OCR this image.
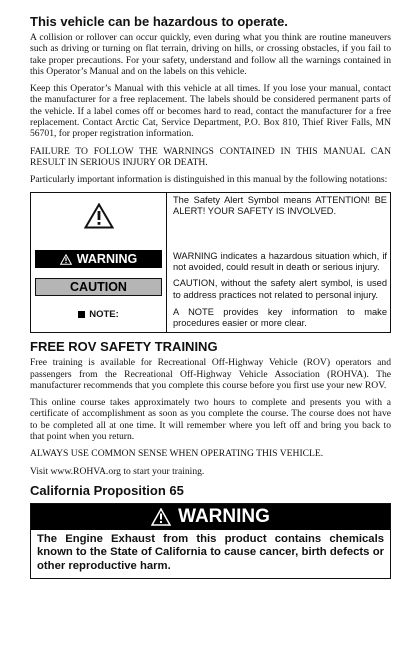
This vehicle can be hazardous to operate.

A collision or rollover can occur quickly, even during what you think are routine maneuvers such as driving or turning on flat terrain, driving on hills, or crossing obstacles, if you fail to take proper precautions. For your safety, understand and follow all the warnings contained in this Operator’s Manual and on the labels on this vehicle.

Keep this Operator’s Manual with this vehicle at all times. If you lose your manual, contact the manufacturer for a free replacement. The labels should be considered permanent parts of the vehicle. If a label comes off or becomes hard to read, contact the manufacturer for a free replacement. Contact Arctic Cat, Service Department, P.O. Box 810, Thief River Falls, MN 56701, for proper registration information.

FAILURE TO FOLLOW THE WARNINGS CONTAINED IN THIS MANUAL CAN RESULT IN SERIOUS INJURY OR DEATH.

Particularly important information is distinguished in this manual by the following notations:

	The Safety Alert Symbol means ATTENTION! BE ALERT! YOUR SAFETY IS INVOLVED.

WARNING	WARNING indicates a hazardous situation which, if not avoided, could result in death or serious injury.

CAUTION	CAUTION, without the safety alert symbol, is used to address practices not related to personal injury.

NOTE:	A NOTE provides key information to make procedures easier or more clear.
FREE ROV SAFETY TRAINING

Free training is available for Recreational Off-Highway Vehicle (ROV) operators and passengers from the Recreational Off-Highway Vehicle Association (ROHVA). The manufacturer recommends that you complete this course before you first use your new ROV.

This online course takes approximately two hours to complete and presents you with a certificate of accomplishment as soon as you complete the course. The course does not have to be completed all at one time. It will remember where you left off and bring you back to that point when you return.

ALWAYS USE COMMON SENSE WHEN OPERATING THIS VEHICLE.

Visit www.ROHVA.org to start your training.

California Proposition 65
WARNING
The Engine Exhaust from this product contains chemicals known to the State of California to cause cancer, birth defects or other reproductive harm.
